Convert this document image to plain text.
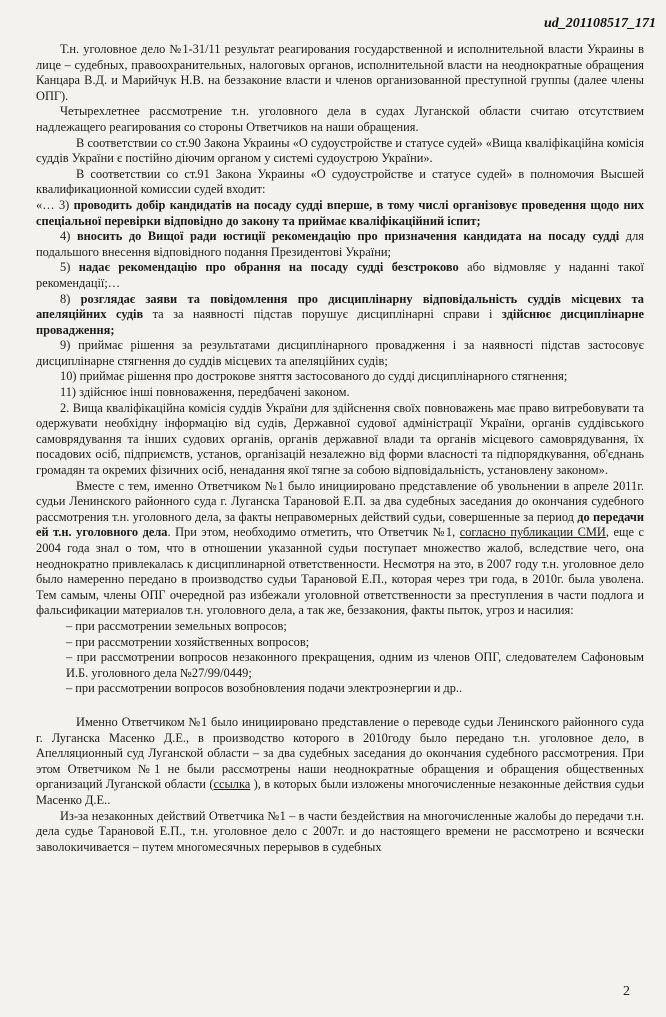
ud_201108517_171

Т.н. уголовное дело №1-31/11 результат реагирования государственной и исполнительной власти Украины в лице – судебных, правоохранительных, налоговых органов, исполнительной власти на неоднократные обращения Канцара В.Д. и Марийчук Н.В. на беззаконие власти и членов организованной преступной группы (далее члены ОПГ).

Четырехлетнее рассмотрение т.н. уголовного дела в судах Луганской области считаю отсутствием надлежащего реагирования со стороны Ответчиков на наши обращения.

В соответствии со ст.90 Закона Украины «О судоустройстве и статусе судей» «Вища кваліфікаційна комісія суддів України є постійно діючим органом у системі судоустрою України».

В соответствии со ст.91 Закона Украины «О судоустройстве и статусе судей» в полномочия Высшей квалификационной комиссии судей входит:

«… 3) проводить добір кандидатів на посаду судді вперше, в тому числі організовує проведення щодо них спеціальної перевірки відповідно до закону та приймає кваліфікаційний іспит;

4) вносить до Вищої ради юстиції рекомендацію про призначення кандидата на посаду судді для подальшого внесення відповідного подання Президентові України;

5) надає рекомендацію про обрання на посаду судді безстроково або відмовляє у наданні такої рекомендації;…

8) розглядає заяви та повідомлення про дисциплінарну відповідальність суддів місцевих та апеляційних судів та за наявності підстав порушує дисциплінарні справи і здійснює дисциплінарне провадження;

9) приймає рішення за результатами дисциплінарного провадження і за наявності підстав застосовує дисциплінарне стягнення до суддів місцевих та апеляційних судів;

10) приймає рішення про дострокове зняття застосованого до судді дисциплінарного стягнення;

11) здійснює інші повноваження, передбачені законом.

2. Вища кваліфікаційна комісія суддів України для здійснення своїх повноважень має право витребовувати та одержувати необхідну інформацію від судів, Державної судової адміністрації України, органів суддівського самоврядування та інших судових органів, органів державної влади та органів місцевого самоврядування, їх посадових осіб, підприємств, установ, організацій незалежно від форми власності та підпорядкування, об'єднань громадян та окремих фізичних осіб, ненадання якої тягне за собою відповідальність, установлену законом».

Вместе с тем, именно Ответчиком №1 было инициировано представление об увольнении в апреле 2011г. судьи Ленинского районного суда г. Луганска Тарановой Е.П. за два судебных заседания до окончания судебного рассмотрения т.н. уголовного дела, за факты неправомерных действий судьи, совершенные за период до передачи ей т.н. уголовного дела. При этом, необходимо отметить, что Ответчик №1, согласно публикации СМИ, еще с 2004 года знал о том, что в отношении указанной судьи поступает множество жалоб, вследствие чего, она неоднократно привлекалась к дисциплинарной ответственности. Несмотря на это, в 2007 году т.н. уголовное дело было намеренно передано в производство судьи Тарановой Е.П., которая через три года, в 2010г. была уволена. Тем самым, члены ОПГ очередной раз избежали уголовной ответственности за преступления в части подлога и фальсификации материалов т.н. уголовного дела, а так же, беззакония, факты пыток, угроз и насилия:

– при рассмотрении земельных вопросов;

– при рассмотрении хозяйственных вопросов;

– при рассмотрении вопросов незаконного прекращения, одним из членов ОПГ, следователем Сафоновым И.Б. уголовного дела №27/99/0449;

– при рассмотрении вопросов возобновления подачи электроэнергии и др..

Именно Ответчиком №1 было инициировано представление о переводе судьи Ленинского районного суда г. Луганска Масенко Д.Е., в производство которого в 2010году было передано т.н. уголовное дело, в Апелляционный суд Луганской области – за два судебных заседания до окончания судебного рассмотрения. При этом Ответчиком №1 не были рассмотрены наши неоднократные обращения и обращения общественных организаций Луганской области (ссылка ), в которых были изложены многочисленные незаконные действия судьи Масенко Д.Е..

Из-за незаконных действий Ответчика №1 – в части бездействия на многочисленные жалобы до передачи т.н. дела судье Тарановой Е.П., т.н. уголовное дело с 2007г. и до настоящего времени не рассмотрено и всячески заволокичивается – путем многомесячных перерывов в судебных

2
